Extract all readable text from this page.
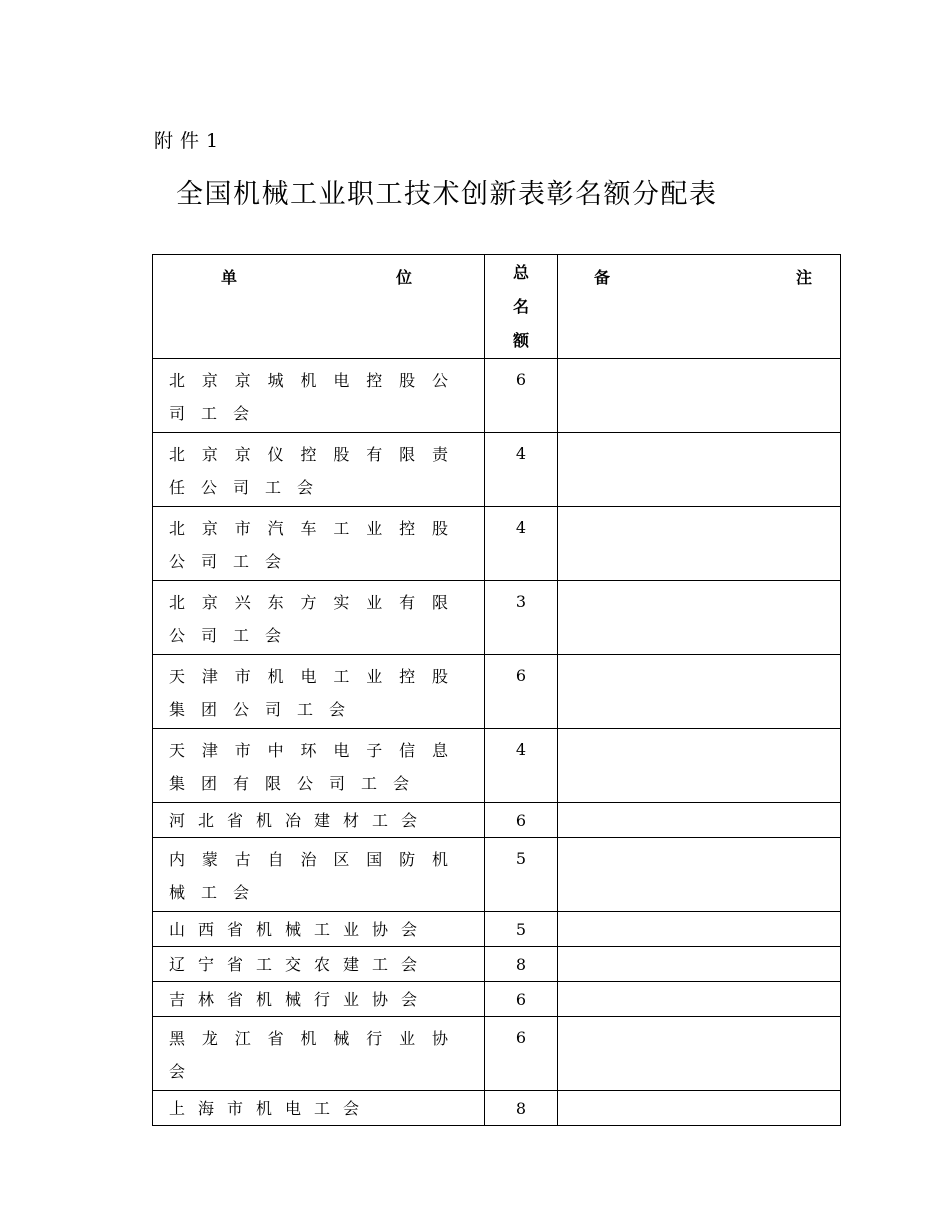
附件1
全国机械工业职工技术创新表彰名额分配表
单 位	总名额	备 注

北京京城机电控股公司工会	6	

北京京仪控股有限责任公司工会	4	

北京市汽车工业控股公司工会	4	

北京兴东方实业有限公司工会	3	

天津市机电工业控股集团公司工会	6	

天津市中环电子信息集团有限公司工会	4	

河北省机冶建材工会	6	

内蒙古自治区国防机械工会	5	

山西省机械工业协会	5	

辽宁省工交农建工会	8	

吉林省机械行业协会	6	

黑龙江省机械行业协会	6	

上海市机电工会	8	
